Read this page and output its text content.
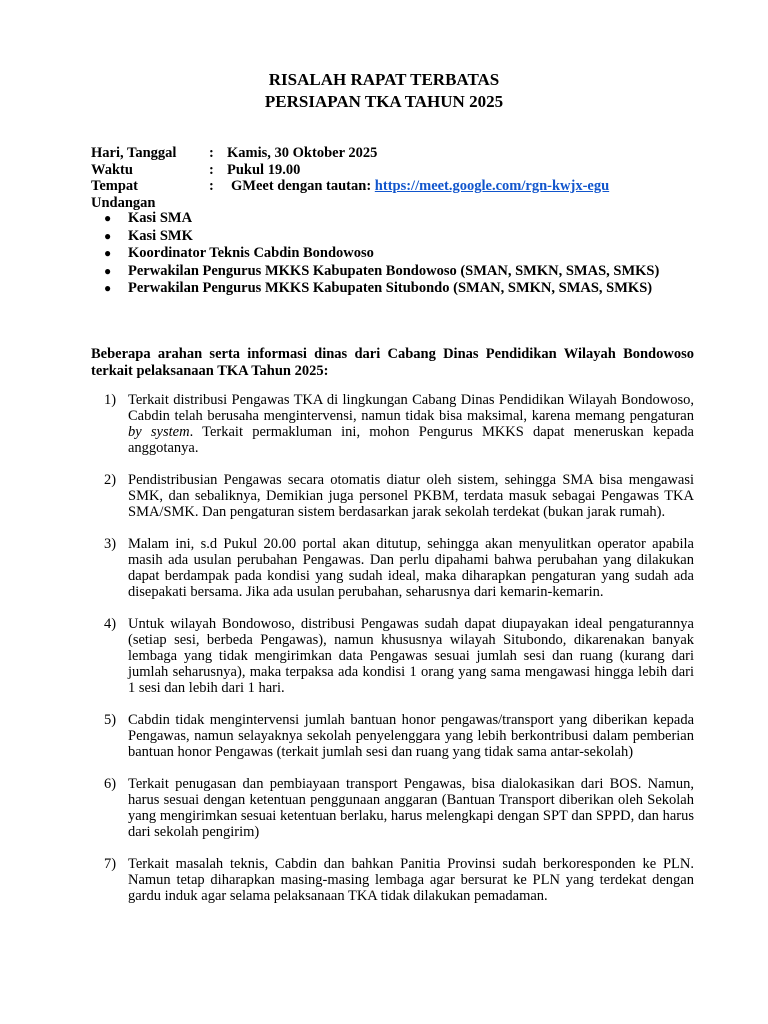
RISALAH RAPAT TERBATAS
PERSIAPAN TKA TAHUN 2025
Hari, Tanggal	: Kamis, 30 Oktober 2025
Waktu	: Pukul 19.00
Tempat	:	GMeet dengan tautan: https://meet.google.com/rgn-kwjx-egu
Undangan
● Kasi SMA
● Kasi SMK
● Koordinator Teknis Cabdin Bondowoso
● Perwakilan Pengurus MKKS Kabupaten Bondowoso (SMAN, SMKN, SMAS, SMKS)
● Perwakilan Pengurus MKKS Kabupaten Situbondo (SMAN, SMKN, SMAS, SMKS)
Beberapa arahan serta informasi dinas dari Cabang Dinas Pendidikan Wilayah Bondowoso terkait pelaksanaan TKA Tahun 2025:
1) Terkait distribusi Pengawas TKA di lingkungan Cabang Dinas Pendidikan Wilayah Bondowoso, Cabdin telah berusaha mengintervensi, namun tidak bisa maksimal, karena memang pengaturan by system. Terkait permakluman ini, mohon Pengurus MKKS dapat meneruskan kepada anggotanya.
2) Pendistribusian Pengawas secara otomatis diatur oleh sistem, sehingga SMA bisa mengawasi SMK, dan sebaliknya, Demikian juga personel PKBM, terdata masuk sebagai Pengawas TKA SMA/SMK. Dan pengaturan sistem berdasarkan jarak sekolah terdekat (bukan jarak rumah).
3) Malam ini, s.d Pukul 20.00 portal akan ditutup, sehingga akan menyulitkan operator apabila masih ada usulan perubahan Pengawas. Dan perlu dipahami bahwa perubahan yang dilakukan dapat berdampak pada kondisi yang sudah ideal, maka diharapkan pengaturan yang sudah ada disepakati bersama. Jika ada usulan perubahan, seharusnya dari kemarin-kemarin.
4) Untuk wilayah Bondowoso, distribusi Pengawas sudah dapat diupayakan ideal pengaturannya (setiap sesi, berbeda Pengawas), namun khususnya wilayah Situbondo, dikarenakan banyak lembaga yang tidak mengirimkan data Pengawas sesuai jumlah sesi dan ruang (kurang dari jumlah seharusnya), maka terpaksa ada kondisi 1 orang yang sama mengawasi hingga lebih dari 1 sesi dan lebih dari 1 hari.
5) Cabdin tidak mengintervensi jumlah bantuan honor pengawas/transport yang diberikan kepada Pengawas, namun selayaknya sekolah penyelenggara yang lebih berkontribusi dalam pemberian bantuan honor Pengawas (terkait jumlah sesi dan ruang yang tidak sama antar-sekolah)
6) Terkait penugasan dan pembiayaan transport Pengawas, bisa dialokasikan dari BOS. Namun, harus sesuai dengan ketentuan penggunaan anggaran (Bantuan Transport diberikan oleh Sekolah yang mengirimkan sesuai ketentuan berlaku, harus melengkapi dengan SPT dan SPPD, dan harus dari sekolah pengirim)
7) Terkait masalah teknis, Cabdin dan bahkan Panitia Provinsi sudah berkoresponden ke PLN. Namun tetap diharapkan masing-masing lembaga agar bersurat ke PLN yang terdekat dengan gardu induk agar selama pelaksanaan TKA tidak dilakukan pemadaman.
